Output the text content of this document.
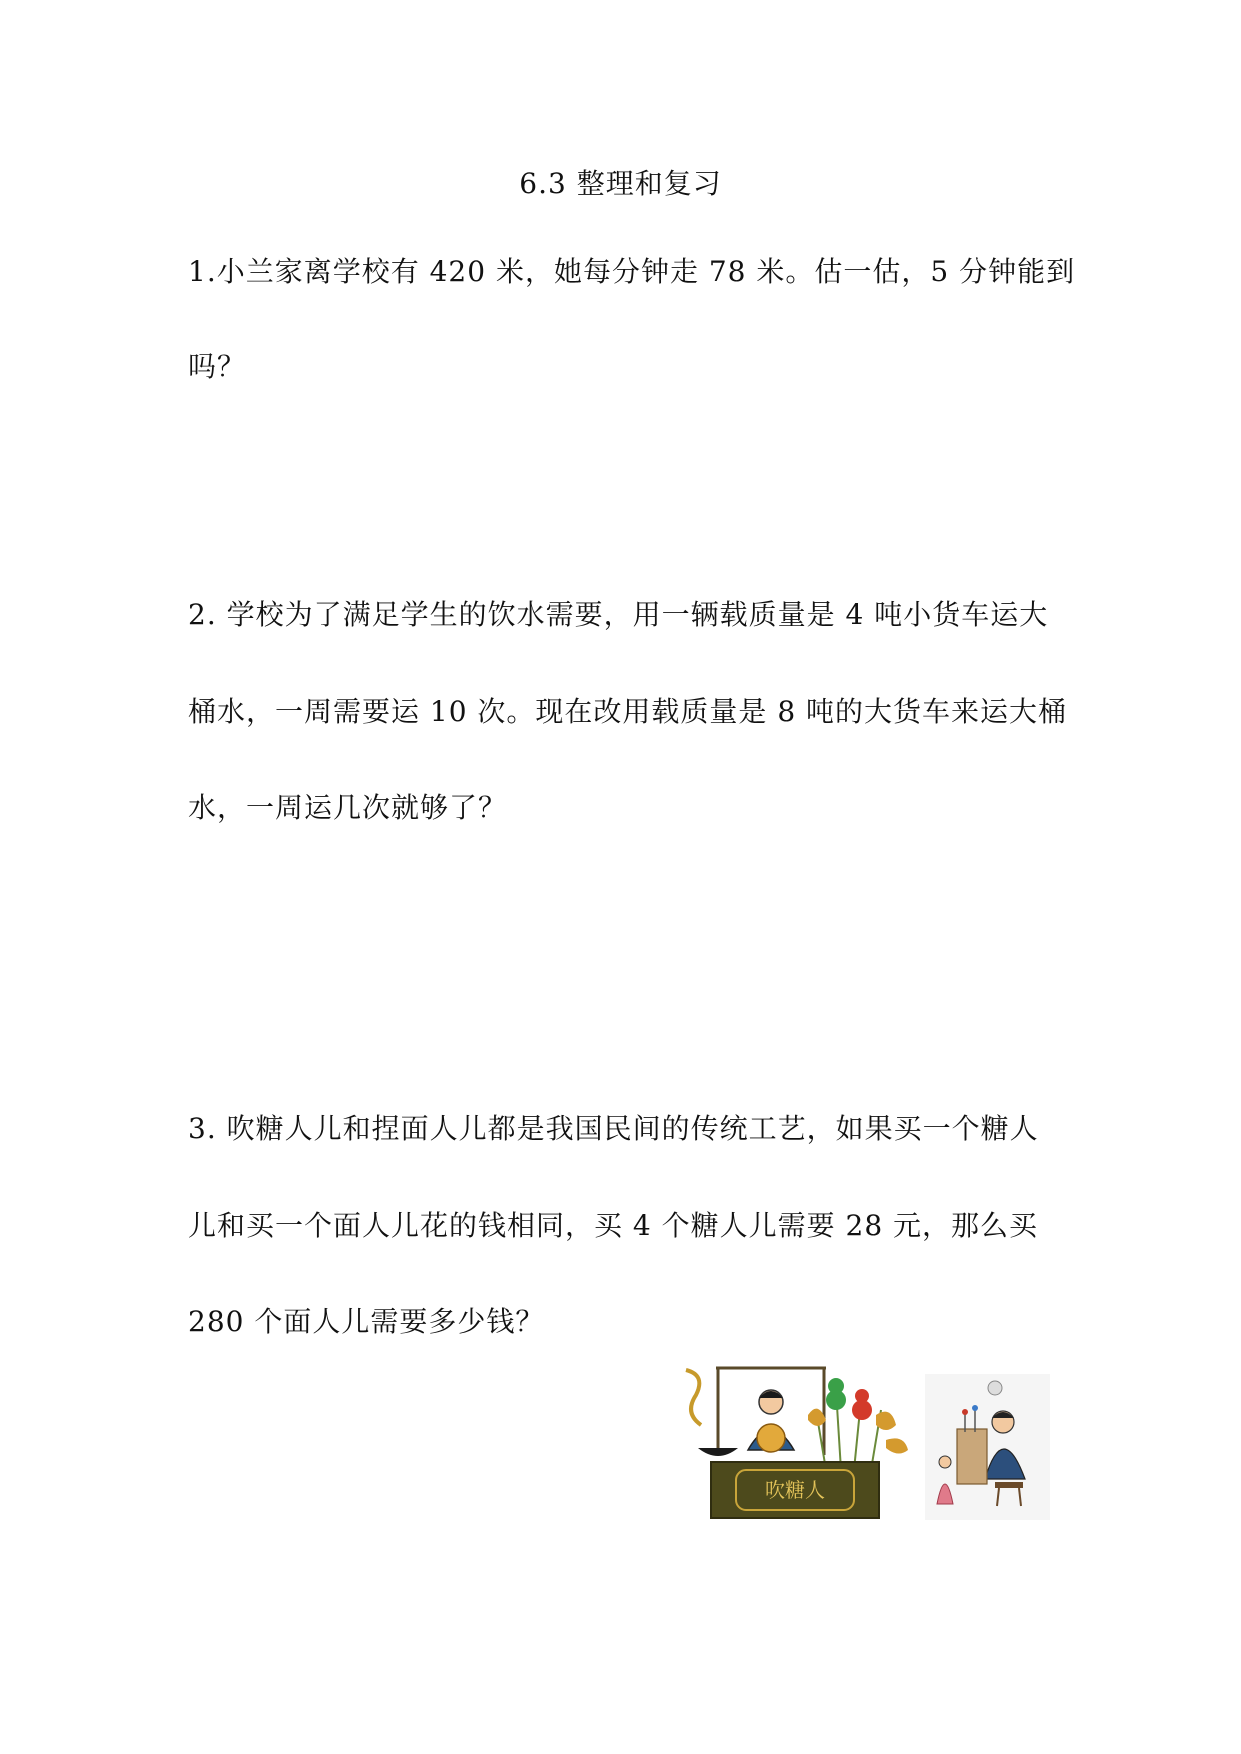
6.3 整理和复习
1.小兰家离学校有 420 米，她每分钟走 78 米。估一估，5 分钟能到
吗？
2. 学校为了满足学生的饮水需要，用一辆载质量是 4 吨小货车运大
桶水，一周需要运 10 次。现在改用载质量是 8 吨的大货车来运大桶
水，一周运几次就够了？
3. 吹糖人儿和捏面人儿都是我国民间的传统工艺，如果买一个糖人
儿和买一个面人儿花的钱相同，买 4 个糖人儿需要 28 元，那么买
280 个面人儿需要多少钱？
吹糖人
